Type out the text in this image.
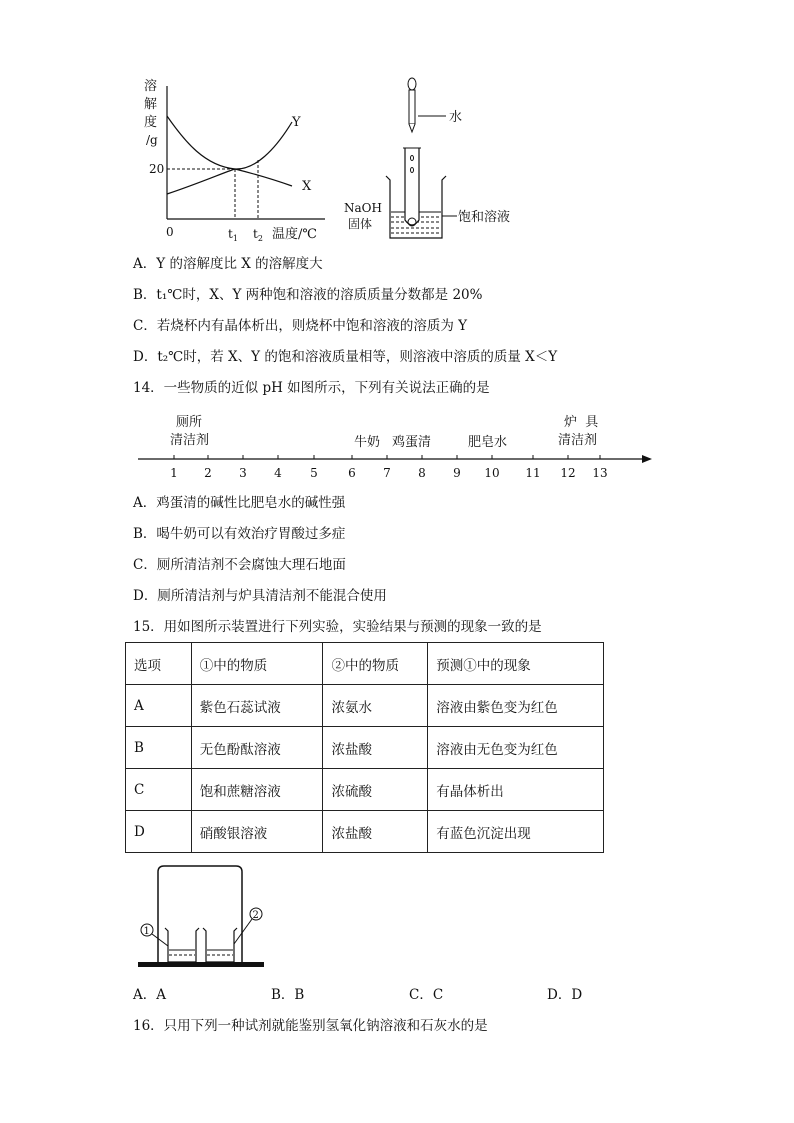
溶
解
度
/g
20
Y
X
0	$t_1$ $t_2$ 温度/℃
水
NaOH
固体	饱和溶液
A．Y 的溶解度比 X 的溶解度大
B．t₁℃时，X、Y 两种饱和溶液的溶质质量分数都是 20%
C．若烧杯内有晶体析出，则烧杯中饱和溶液的溶质为 Y
D．t₂℃时，若 X、Y 的饱和溶液质量相等，则溶液中溶质的质量 X＜Y
14．一些物质的近似 pH 如图所示，下列有关说法正确的是
1 2 3 4 5	6 7 8 9 10 11 12 13
厕所
清洁剂	牛奶 鸡蛋清	肥皂水
炉  具
清洁剂
A．鸡蛋清的碱性比肥皂水的碱性强
B．喝牛奶可以有效治疗胃酸过多症
C．厕所清洁剂不会腐蚀大理石地面
D．厕所清洁剂与炉具清洁剂不能混合使用
15．用如图所示装置进行下列实验，实验结果与预测的现象一致的是
选项	①中的物质	②中的物质	预测①中的现象
A	紫色石蕊试液	浓氨水	溶液由紫色变为红色
B	无色酚酞溶液	浓盐酸	溶液由无色变为红色
C	饱和蔗糖溶液	浓硫酸	有晶体析出
D	硝酸银溶液	浓盐酸	有蓝色沉淀出现
1
2
A．A	B．B	C．C	D．D
16．只用下列一种试剂就能鉴别氢氧化钠溶液和石灰水的是
